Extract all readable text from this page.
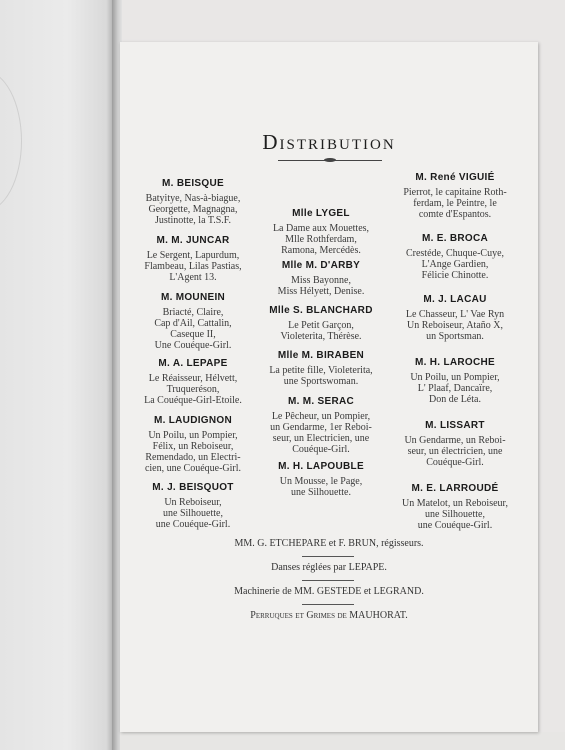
Distribution
M. BEISQUE
Batyitye, Nas-à-biague,
Georgette, Magnagna,
Justinotte, la T.S.F.
M. M. JUNCAR
Le Sergent, Lapurdum,
Flambeau, Lilas Pastias,
L'Agent 13.
M. MOUNEIN
Briacté, Claire,
Cap d'Ail, Cattalin,
Caseque II,
Une Couéque-Girl.
M. A. LEPAPE
Le Réaisseur, Hélvett,
Truqueréson,
La Couéque-Girl-Etoile.
M. LAUDIGNON
Un Poilu, un Pompier,
Félix, un Reboiseur,
Remendado, un Electri-
cien, une Couéque-Girl.
M. J. BEISQUOT
Un Reboiseur,
une Silhouette,
une Couéque-Girl.
Mlle LYGEL
La Dame aux Mouettes,
Mlle Rothferdam,
Ramona, Mercédès.
Mlle M. D'ARBY
Miss Bayonne,
Miss Hélyett, Denise.
Mlle S. BLANCHARD
Le Petit Garçon,
Violeterita, Thérèse.
Mlle M. BIRABEN
La petite fille, Violeterita,
une Sportswoman.
M. M. SERAC
Le Pêcheur, un Pompier,
un Gendarme, 1er Reboi-
seur, un Electricien, une
Couéque-Girl.
M. H. LAPOUBLE
Un Mousse, le Page,
une Silhouette.
M. René VIGUIÉ
Pierrot, le capitaine Roth-
ferdam, le Peintre, le
comte d'Espantos.
M. E. BROCA
Crestéde, Chuque-Cuye,
L'Ange Gardien,
Félicie Chinotte.
M. J. LACAU
Le Chasseur, L' Vae Ryn
Un Reboiseur, Ataño X,
un Sportsman.
M. H. LAROCHE
Un Poilu, un Pompier,
L' Plaaf, Dancaïre,
Don de Léta.
M. LISSART
Un Gendarme, un Reboi-
seur, un électricien, une
Couéque-Girl.
M. E. LARROUDÉ
Un Matelot, un Reboiseur,
une Silhouette,
une Couéque-Girl.
MM. G. ETCHEPARE et F. BRUN, régisseurs.
Danses réglées par LEPAPE.
Machinerie de MM. GESTEDE et LEGRAND.
Perruques et Grimes de MAUHORAT.
